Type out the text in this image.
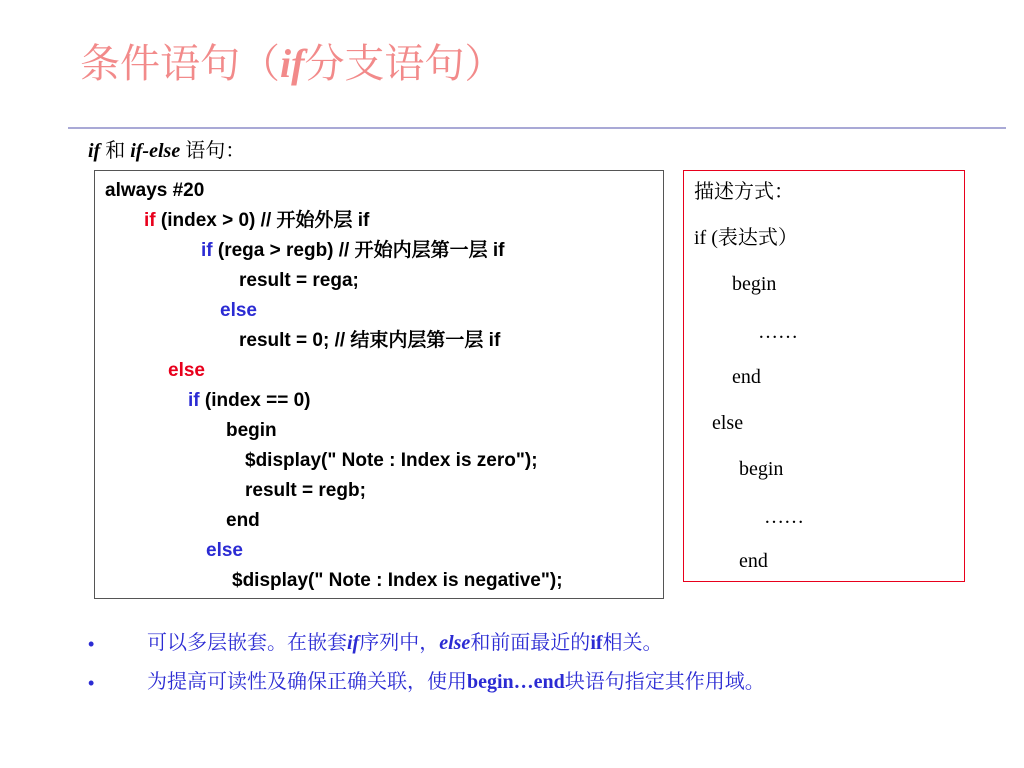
条件语句（if分支语句）
if 和 if-else 语句：
always #20
if (index > 0) // 开始外层 if
if (rega > regb) // 开始内层第一层 if
result = rega;
else
result = 0; // 结束内层第一层 if
else
if (index == 0)
begin
$display(" Note : Index is zero");
result = regb;
end
else
$display(" Note : Index is negative");
描述方式：
if (表达式）
begin
……
end
else
begin
……
end
•	可以多层嵌套。在嵌套if序列中，else和前面最近的if相关。
•	为提高可读性及确保正确关联，使用begin…end块语句指定其作用域。
